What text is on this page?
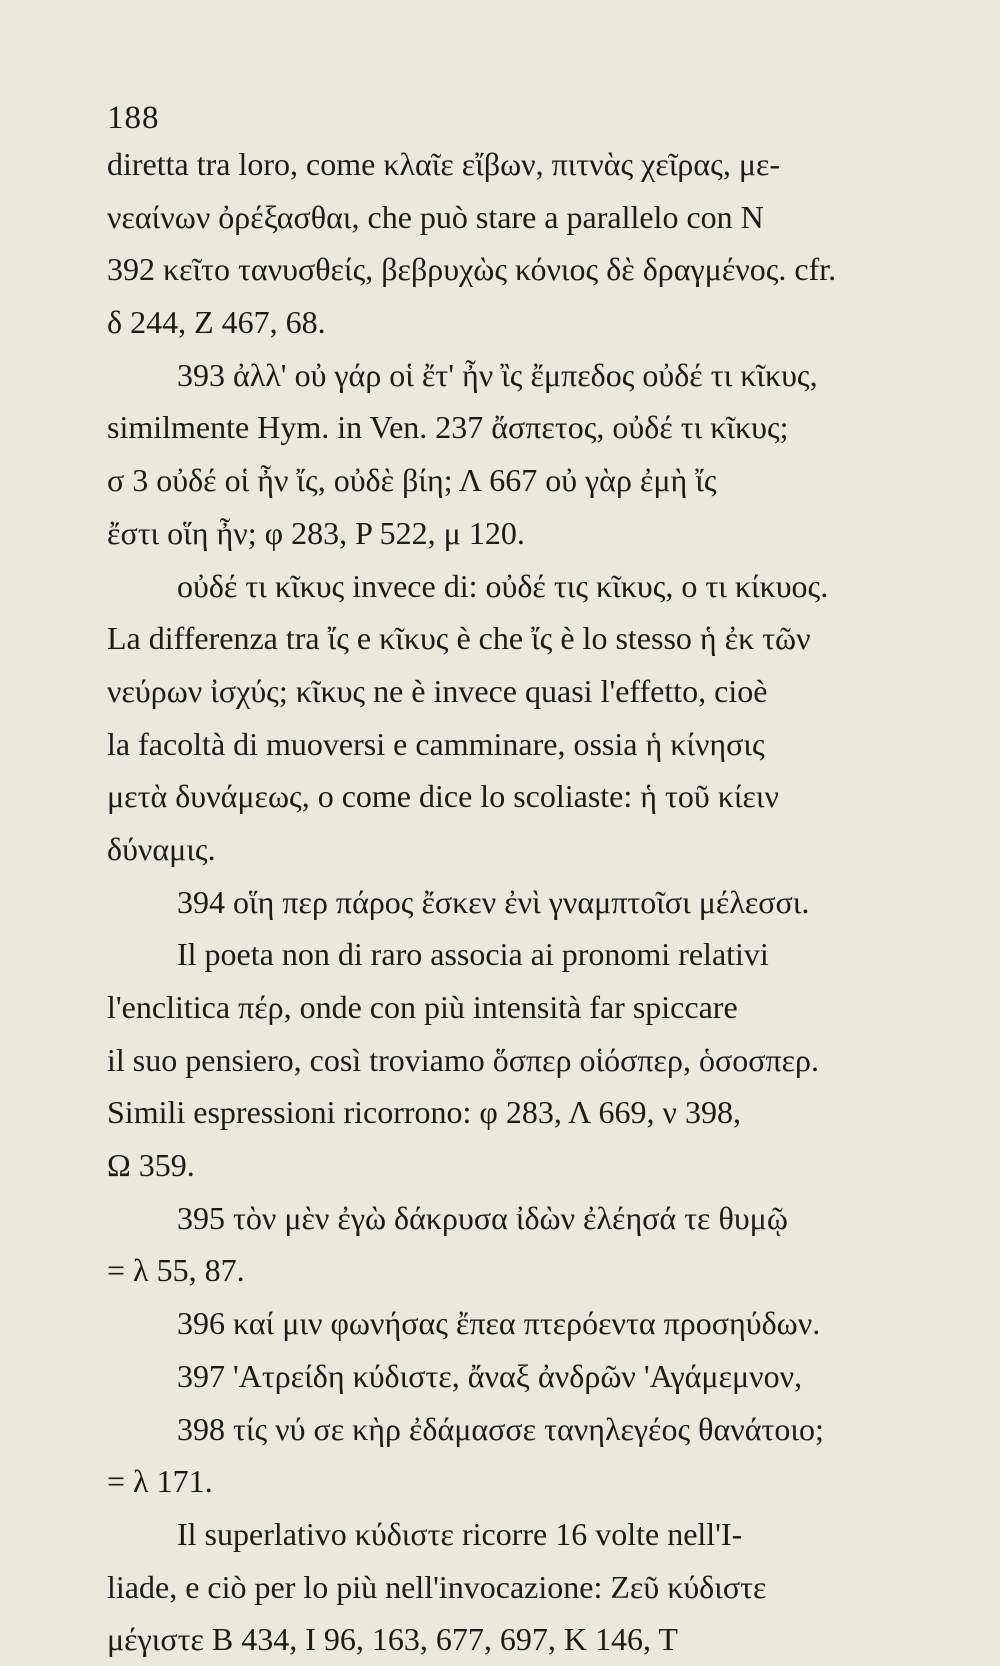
188
diretta tra loro, come κλαῖε εἴβων, πιτνὰς χεῖρας, με-
νεαίνων ὀρέξασθαι, che può stare a parallelo con N
392 κεῖτο τανυσθείς, βεβρυχὼς κόνιος δὲ δραγμένος. cfr.
δ 244, Z 467, 68.
393 ἀλλ' οὐ γάρ οἱ ἔτ' ἦν ἲς ἔμπεδος οὐδέ τι κῖκυς,
similmente Hym. in Ven. 237 ἄσπετος, οὐδέ τι κῖκυς;
σ 3 οὐδέ οἱ ἦν ἴς, οὐδὲ βίη; Λ 667 οὐ γὰρ ἐμὴ ἴς
ἔστι οἵη ἦν; φ 283, P 522, μ 120.
οὐδέ τι κῖκυς invece di: οὐδέ τις κῖκυς, o τι κίκυος.
La differenza tra ἴς e κῖκυς è che ἴς è lo stesso ἡ ἐκ τῶν
νεύρων ἰσχύς; κῖκυς ne è invece quasi l'effetto, cioè
la facoltà di muoversi e camminare, ossia ἡ κίνησις
μετὰ δυνάμεως, o come dice lo scoliaste: ἡ τοῦ κίειν
δύναμις.
394 οἵη περ πάρος ἔσκεν ἐνὶ γναμπτοῖσι μέλεσσι.
Il poeta non di raro associa ai pronomi relativi
l'enclitica πέρ, onde con più intensità far spiccare
il suo pensiero, così troviamo ὅσπερ οἱόσπερ, ὁσοσπερ.
Simili espressioni ricorrono: φ 283, Λ 669, ν 398,
Ω 359.
395 τὸν μὲν ἐγὼ δάκρυσα ἰδὼν ἐλέησά τε θυμῷ
= λ 55, 87.
396 καί μιν φωνήσας ἔπεα πτερόεντα προσηύδων.
397 'Ατρείδη κύδιστε, ἄναξ ἀνδρῶν 'Αγάμεμνον,
398 τίς νύ σε κὴρ ἐδάμασσε τανηλεγέος θανάτοιο;
= λ 171.
Il superlativo κύδιστε ricorre 16 volte nell'I-
liade, e ciò per lo più nell'invocazione: Ζεῦ κύδιστε
μέγιστε B 434, I 96, 163, 677, 697, K 146, T
